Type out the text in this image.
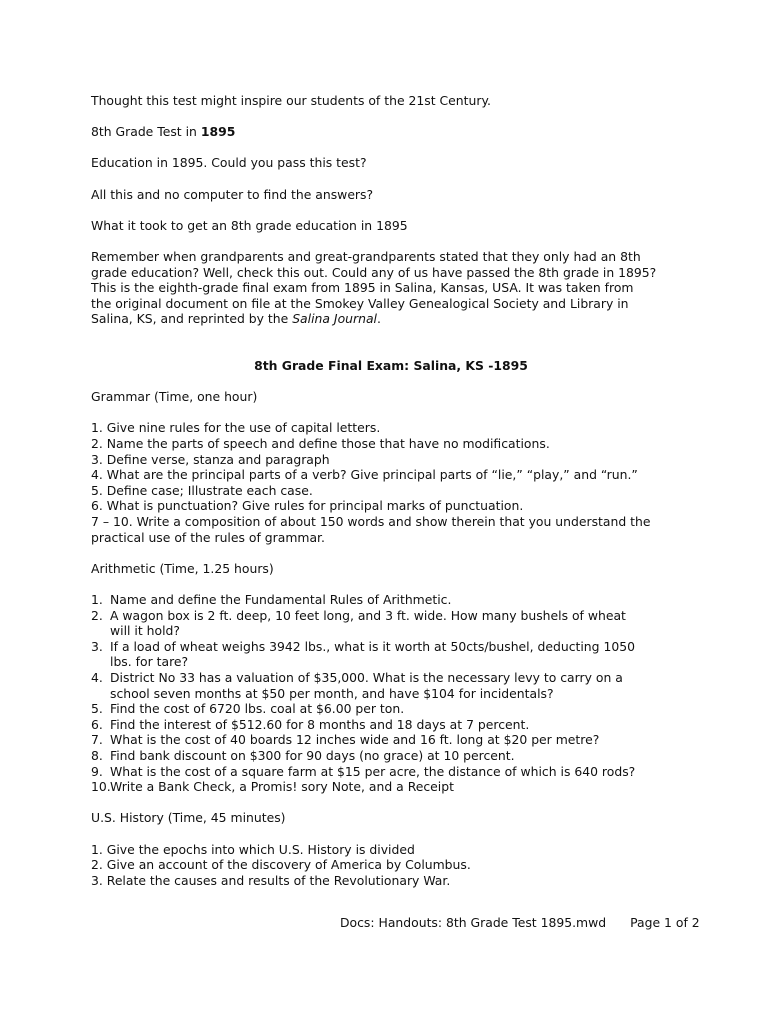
Thought this test might inspire our students of the 21st Century.

8th Grade Test in 1895

Education in 1895. Could you pass this test?

All this and no computer to find the answers?

What it took to get an 8th grade education in 1895

Remember when grandparents and great-grandparents stated that they only had an 8th

grade education? Well, check this out. Could any of us have passed the 8th grade in 1895?

This is the eighth-grade final exam from 1895 in Salina, Kansas, USA. It was taken from

the original document on file at the Smokey Valley Genealogical Society and Library in

Salina, KS, and reprinted by the Salina Journal.

8th Grade Final Exam: Salina, KS -1895

Grammar (Time, one hour)

1. Give nine rules for the use of capital letters.

2. Name the parts of speech and define those that have no modifications.

3. Define verse, stanza and paragraph

4. What are the principal parts of a verb? Give principal parts of “lie,” “play,” and “run.”

5. Define case; Illustrate each case.

6. What is punctuation? Give rules for principal marks of punctuation.

7 – 10. Write a composition of about 150 words and show therein that you understand the

practical use of the rules of grammar.

Arithmetic (Time, 1.25 hours)

1. Name and define the Fundamental Rules of Arithmetic.

2. A wagon box is 2 ft. deep, 10 feet long, and 3 ft. wide. How many bushels of wheat

will it hold?

3. If a load of wheat weighs 3942 lbs., what is it worth at 50cts/bushel, deducting 1050

lbs. for tare?

4. District No 33 has a valuation of $35,000. What is the necessary levy to carry on a

school seven months at $50 per month, and have $104 for incidentals?

5. Find the cost of 6720 lbs. coal at $6.00 per ton.

6. Find the interest of $512.60 for 8 months and 18 days at 7 percent.

7. What is the cost of 40 boards 12 inches wide and 16 ft. long at $20 per metre?

8. Find bank discount on $300 for 90 days (no grace) at 10 percent.

9. What is the cost of a square farm at $15 per acre, the distance of which is 640 rods?

10. Write a Bank Check, a Promis! sory Note, and a Receipt

U.S. History (Time, 45 minutes)

1. Give the epochs into which U.S. History is divided

2. Give an account of the discovery of America by Columbus.

3. Relate the causes and results of the Revolutionary War.

Docs: Handouts: 8th Grade Test 1895.mwd Page 1 of 2
